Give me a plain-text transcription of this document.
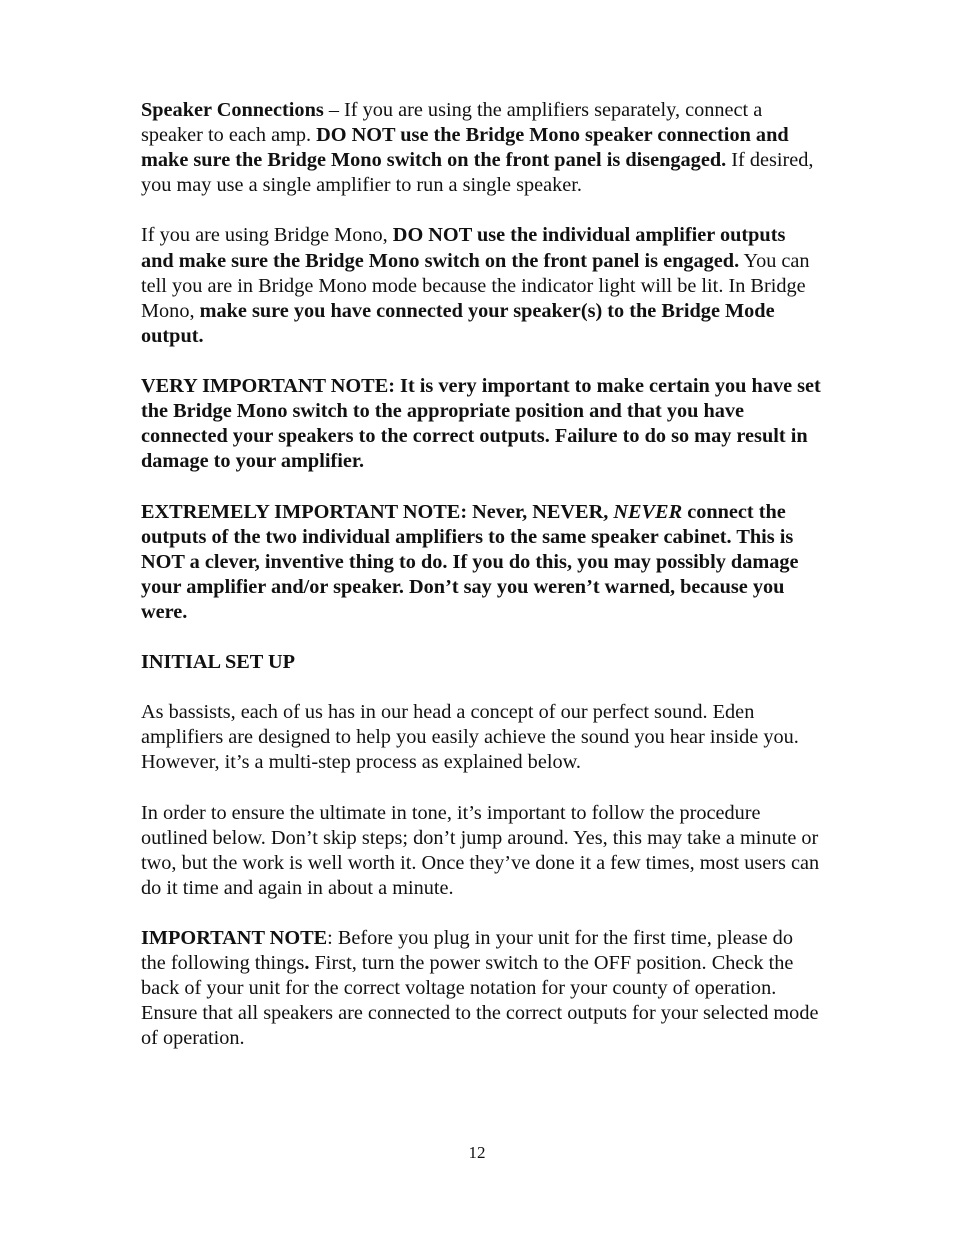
Speaker Connections – If you are using the amplifiers separately, connect a speaker to each amp. DO NOT use the Bridge Mono speaker connection and make sure the Bridge Mono switch on the front panel is disengaged. If desired, you may use a single amplifier to run a single speaker.

If you are using Bridge Mono, DO NOT use the individual amplifier outputs and make sure the Bridge Mono switch on the front panel is engaged. You can tell you are in Bridge Mono mode because the indicator light will be lit. In Bridge Mono, make sure you have connected your speaker(s) to the Bridge Mode output.

VERY IMPORTANT NOTE: It is very important to make certain you have set the Bridge Mono switch to the appropriate position and that you have connected your speakers to the correct outputs. Failure to do so may result in damage to your amplifier.

EXTREMELY IMPORTANT NOTE: Never, NEVER, NEVER connect the outputs of the two individual amplifiers to the same speaker cabinet. This is NOT a clever, inventive thing to do. If you do this, you may possibly damage your amplifier and/or speaker. Don’t say you weren’t warned, because you were.

INITIAL SET UP

As bassists, each of us has in our head a concept of our perfect sound. Eden amplifiers are designed to help you easily achieve the sound you hear inside you. However, it’s a multi-step process as explained below.

In order to ensure the ultimate in tone, it’s important to follow the procedure outlined below. Don’t skip steps; don’t jump around. Yes, this may take a minute or two, but the work is well worth it. Once they’ve done it a few times, most users can do it time and again in about a minute.

IMPORTANT NOTE: Before you plug in your unit for the first time, please do the following things. First, turn the power switch to the OFF position. Check the back of your unit for the correct voltage notation for your county of operation. Ensure that all speakers are connected to the correct outputs for your selected mode of operation.

12
